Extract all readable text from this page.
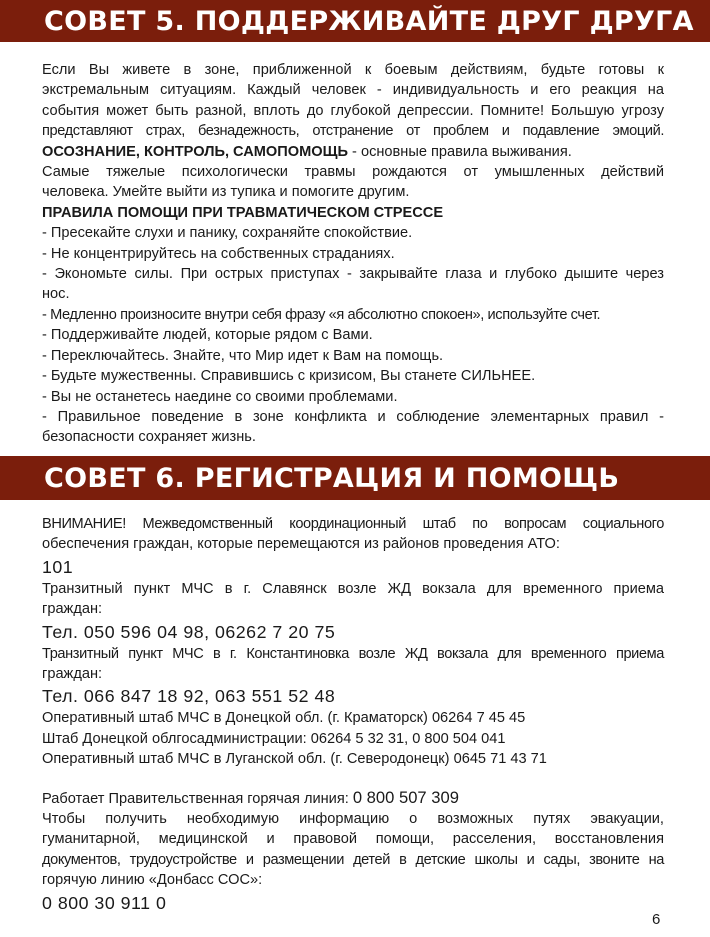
СОВЕТ 5. ПОДДЕРЖИВАЙТЕ ДРУГ ДРУГА

Если Вы живете в зоне, приближенной к боевым действиям, будьте готовы к

экстремальным ситуациям. Каждый человек - индивидуальность и его реакция на

события может быть разной, вплоть до глубокой депрессии. Помните! Большую угрозу

представляют страх, безнадежность, отстранение от проблем и подавление эмоций.

ОСОЗНАНИЕ, КОНТРОЛЬ, САМОПОМОЩЬ - основные правила выживания.

Самые тяжелые психологически травмы рождаются от умышленных действий

человека. Умейте выйти из тупика и помогите другим.

ПРАВИЛА ПОМОЩИ ПРИ ТРАВМАТИЧЕСКОМ СТРЕССЕ

- Пресекайте слухи и панику, сохраняйте спокойствие.

- Не концентрируйтесь на собственных страданиях.

- Экономьте силы. При острых приступах - закрывайте глаза и глубоко дышите через

нос.

- Медленно произносите внутри себя фразу «я абсолютно спокоен», используйте счет.

- Поддерживайте людей, которые рядом с Вами.

- Переключайтесь. Знайте, что Мир идет к Вам на помощь.

- Будьте мужественны. Справившись с кризисом, Вы станете СИЛЬНЕЕ.

- Вы не останетесь наедине со своими проблемами.

- Правильное поведение в зоне конфликта и соблюдение элементарных правил -

безопасности сохраняет жизнь.

СОВЕТ 6. РЕГИСТРАЦИЯ И ПОМОЩЬ

ВНИМАНИЕ! Межведомственный координационный штаб по вопросам социального

обеспечения граждан, которые перемещаются из районов проведения АТО:

101

Транзитный пункт МЧС в г. Славянск возле ЖД вокзала для временного приема

граждан:

Тел. 050 596 04 98, 06262 7 20 75

Транзитный пункт МЧС в г. Константиновка возле ЖД вокзала для временного приема

граждан:

Тел. 066 847 18 92, 063 551 52 48

Оперативный штаб МЧС в Донецкой обл. (г. Краматорск) 06264 7 45 45

Штаб Донецкой облгосадминистрации: 06264 5 32 31, 0 800 504 041

Оперативный штаб МЧС в Луганской обл. (г. Северодонецк) 0645 71 43 71

Работает Правительственная горячая линия: 0 800 507 309

Чтобы получить необходимую информацию о возможных путях эвакуации,

гуманитарной, медицинской и правовой помощи, расселения, восстановления

документов, трудоустройстве и размещении детей в детские школы и сады, звоните на

горячую линию «Донбасс СОС»:

0 800 30 911 0

6
